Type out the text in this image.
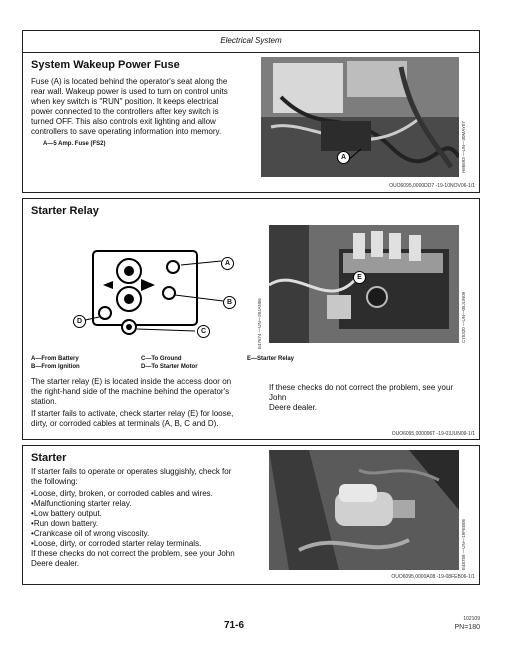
Electrical System
System Wakeup Power Fuse
Fuse (A) is located behind the operator's seat along the
rear wall. Wakeup power is used to turn on control units
when key switch is "RUN" position. It keeps electrical
power connected to the controllers after key switch is
turned OFF. This also controls exit lighting and allow
controllers to save operating information into memory.
A—5 Amp. Fuse (FS2)
A	H86693 —UN—30MAY07
OUO6095,0000DD7 -19-10NOV06-1/1
Starter Relay
A
B
C
D	E47674 —UN—20JAN06
E
C75320 —UN—05JUN09
A—From Battery
B—From Ignition
C—To Ground
D—To Starter Motor
E—Starter Relay
The starter relay (E) is located inside the access door on
the right-hand side of the machine behind the operator's
station.
If starter fails to activate, check starter relay (E) for loose,
dirty, or corroded cables at terminals (A, B, C and D).
If these checks do not correct the problem, see your John
Deere dealer.
OUO6095,000096T -19-03JUN09-1/1
Starter
If starter fails to operate or operates sluggishly, check for
the following:
• Loose, dirty, broken, or corroded cables and wires.
• Malfunctioning starter relay.
• Low battery output.
• Run down battery.
• Crankcase oil of wrong viscosity.
• Loose, dirty, or corroded starter relay terminals.
If these checks do not correct the problem, see your John
Deere dealer.	E48758 —UN—19FEB06
OUO6095,0000A08 -19-08FEB06-1/1
71-6
102109
PN=180
